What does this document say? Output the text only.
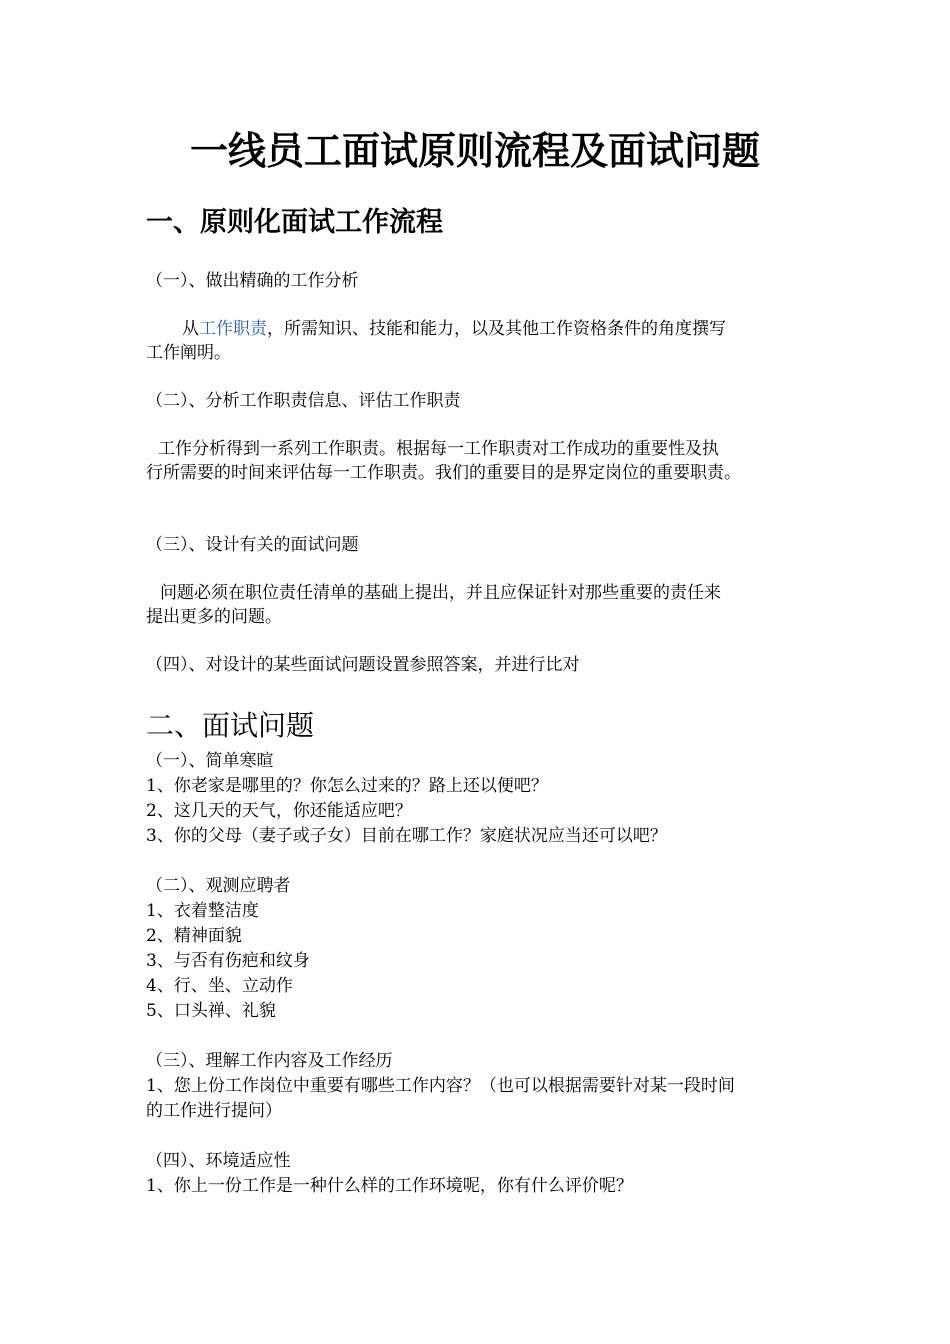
一线员工面试原则流程及面试问题
一、原则化面试工作流程
（一）、做出精确的工作分析
从工作职责，所需知识、技能和能力，以及其他工作资格条件的角度撰写
工作阐明。
（二）、分析工作职责信息、评估工作职责
工作分析得到一系列工作职责。根据每一工作职责对工作成功的重要性及执
行所需要的时间来评估每一工作职责。我们的重要目的是界定岗位的重要职责。
（三）、设计有关的面试问题
问题必须在职位责任清单的基础上提出，并且应保证针对那些重要的责任来
提出更多的问题。
（四）、对设计的某些面试问题设置参照答案，并进行比对
二、面试问题
（一）、简单寒暄
1、你老家是哪里的？你怎么过来的？路上还以便吧？
2、这几天的天气，你还能适应吧？
3、你的父母（妻子或子女）目前在哪工作？家庭状况应当还可以吧？
（二）、观测应聘者
1、衣着整洁度
2、精神面貌
3、与否有伤疤和纹身
4、行、坐、立动作
5、口头禅、礼貌
（三）、理解工作内容及工作经历
1、您上份工作岗位中重要有哪些工作内容？（也可以根据需要针对某一段时间
的工作进行提问）
（四）、环境适应性
1、你上一份工作是一种什么样的工作环境呢，你有什么评价呢？
